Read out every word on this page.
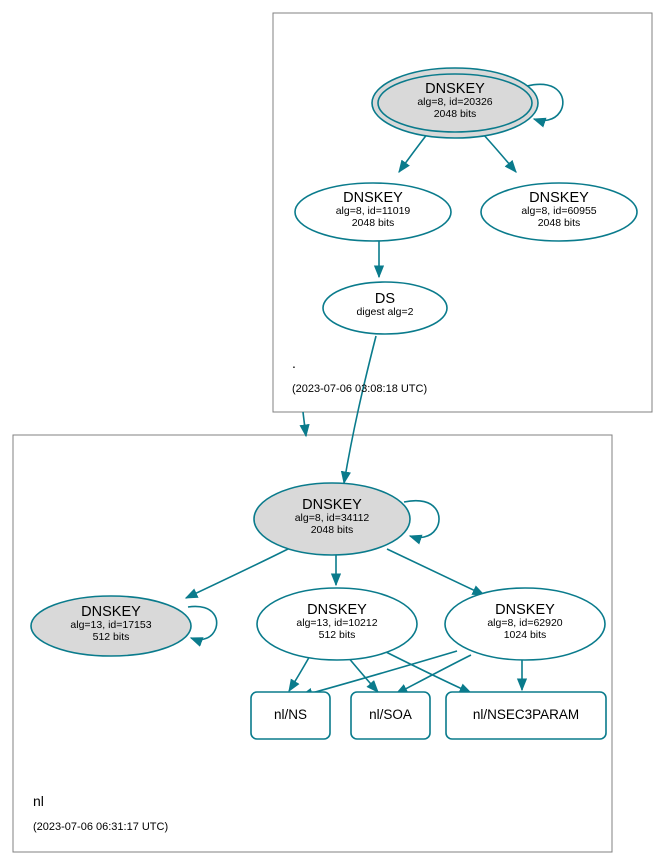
DNSKEY
alg=8, id=20326
2048 bits
DNSKEY
alg=8, id=11019
2048 bits
DNSKEY
alg=8, id=60955
2048 bits
DS
digest alg=2
DNSKEY
alg=8, id=34112
2048 bits
DNSKEY
alg=13, id=17153
512 bits
DNSKEY
alg=13, id=10212
512 bits
DNSKEY
alg=8, id=62920
1024 bits
nl/NS	nl/SOA	nl/NSEC3PARAM
.
(2023-07-06 03:08:18 UTC)
nl
(2023-07-06 06:31:17 UTC)
